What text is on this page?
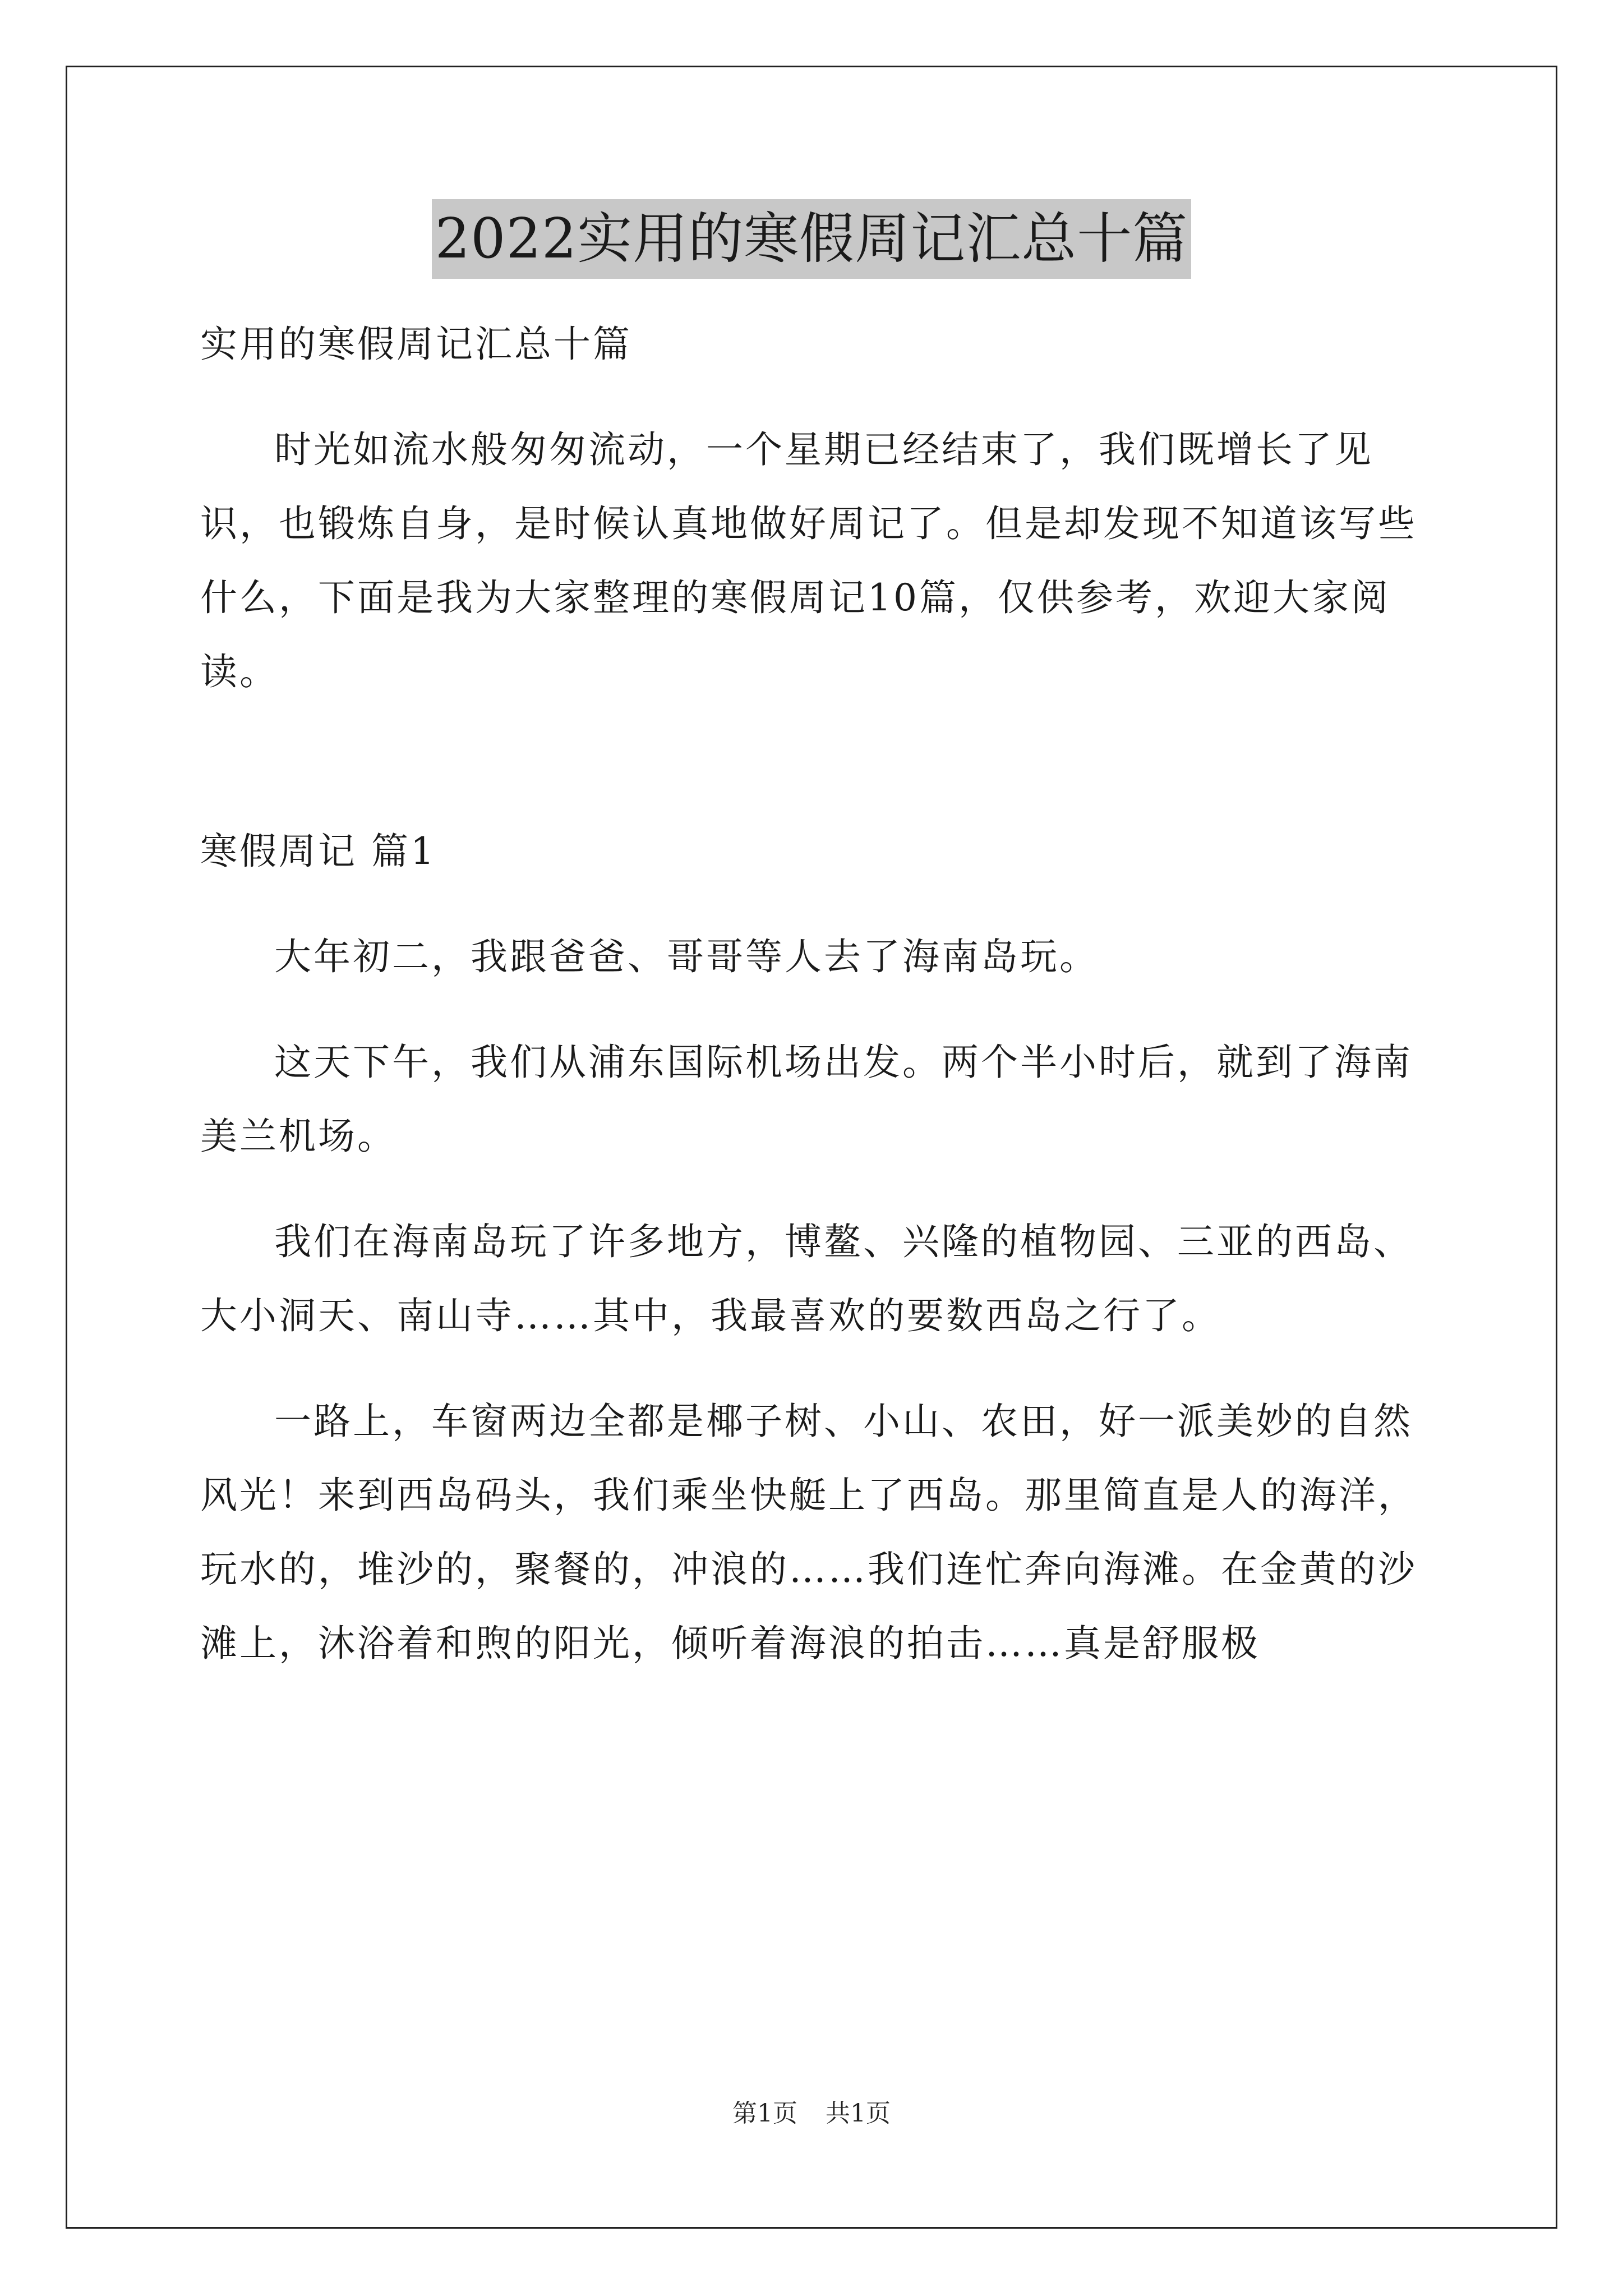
2022实用的寒假周记汇总十篇

实用的寒假周记汇总十篇

时光如流水般匆匆流动，一个星期已经结束了，我们既增长了见识，也锻炼自身，是时候认真地做好周记了。但是却发现不知道该写些什么，下面是我为大家整理的寒假周记10篇，仅供参考，欢迎大家阅读。

寒假周记 篇1

大年初二，我跟爸爸、哥哥等人去了海南岛玩。

这天下午，我们从浦东国际机场出发。两个半小时后，就到了海南美兰机场。

我们在海南岛玩了许多地方，博鳌、兴隆的植物园、三亚的西岛、大小洞天、南山寺……其中，我最喜欢的要数西岛之行了。

一路上，车窗两边全都是椰子树、小山、农田，好一派美妙的自然风光！来到西岛码头，我们乘坐快艇上了西岛。那里简直是人的海洋，玩水的，堆沙的，聚餐的，冲浪的……我们连忙奔向海滩。在金黄的沙滩上，沐浴着和煦的阳光，倾听着海浪的拍击……真是舒服极

第1页 共1页
